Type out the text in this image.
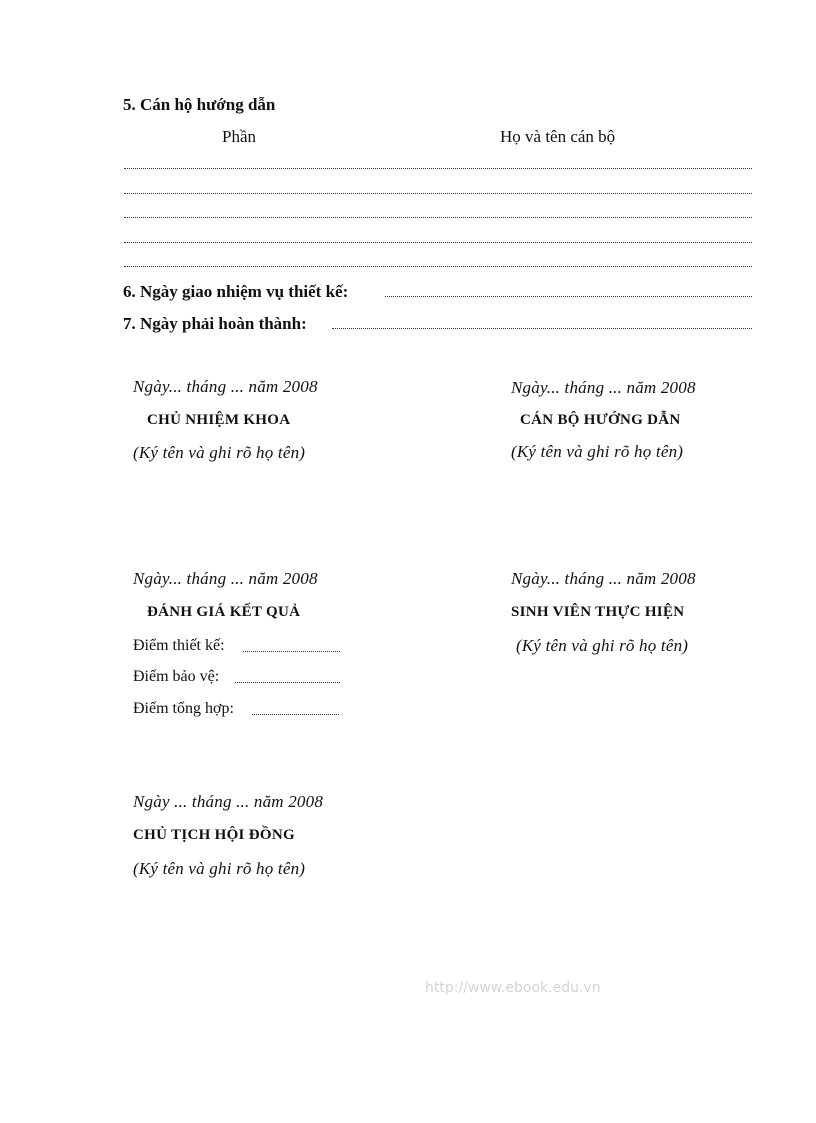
5. Cán hộ hướng dẫn
Phần	Họ và tên cán bộ
6. Ngày giao nhiệm vụ thiết kế:
7. Ngày phải hoàn thành:
Ngày... tháng ... năm 2008
CHỦ NHIỆM KHOA
(Ký tên và ghi rõ họ tên)
Ngày... tháng ... năm 2008
CÁN BỘ HƯỚNG DẪN
(Ký tên và ghi rõ họ tên)
Ngày... tháng ... năm 2008
ĐÁNH GIÁ KẾT QUẢ
Điểm thiết kế:
Điểm bảo vệ:
Điểm tổng hợp:
Ngày... tháng ... năm 2008
SINH VIÊN THỰC HIỆN
(Ký tên và ghi rõ họ tên)
Ngày ... tháng ... năm 2008
CHỦ TỊCH HỘI ĐỒNG
(Ký tên và ghi rõ họ tên)
http://www.ebook.edu.vn
